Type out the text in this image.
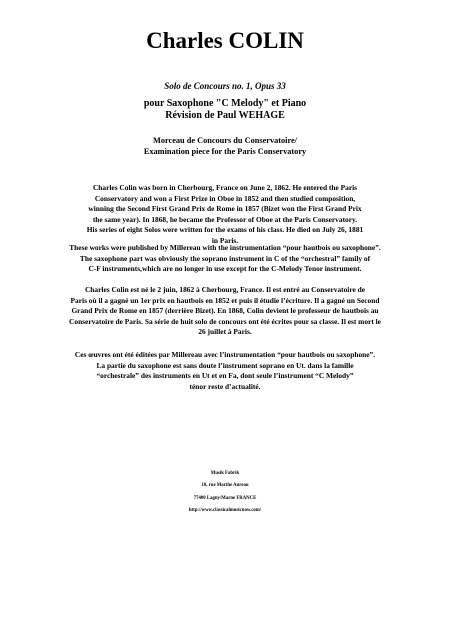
Charles COLIN
Solo de Concours no. 1, Opus 33
pour Saxophone "C Melody" et Piano
Révision de Paul WEHAGE
Morceau de Concours du Conservatoire/
Examination piece for the Paris Conservatory
Charles Colin was born in Cherbourg, France on June 2, 1862. He entered the Paris
Conservatory and won a First Prize in Oboe in 1852 and then studied composition,
winning the Second First Grand Prix de Rome in 1857 (Bizet won the First Grand Prix
the same year). In 1868, he became the Professor of Oboe at the Paris Conservatory.
His series of eight Solos were written for the exams of his class. He died on July 26, 1881
in Paris.
These works were published by Millereau with the instrumentation “pour hautbois ou saxophone”.
The saxophone part was obviously the soprano instrument in C of the “orchestral” family of
C-F instruments,which are no longer in use except for the C-Melody Tenor instrument.
Charles Colin est né le 2 juin, 1862 à Cherbourg, France. Il est entré au Conservatoire de
Paris où il a gagné un 1er prix en hautbois en 1852 et puis il étudie l’écriture. Il a gagné un Second
Grand Prix de Rome en 1857 (derrière Bizet). En 1868, Colin devient le professeur de hautbois au
Conservatoire de Paris. Sa série de huit solo de concours ont été écrites pour sa classe. Il est mort le
26 juillet à Paris.
Ces œuvres ont été éditées par Millereau avec l’instrumentation “pour hautbois ou saxophone”.
La partie du saxophone est sans doute l’instrument soprano en Ut. dans la famille
“orchestrale” des instruments en Ut et en Fa, dont seule l’instrument “C Melody”
ténor reste d’actualité.
Musik Fabrik
18, rue Marthe Aureau
77400 Lagny/Marne FRANCE
http://www.classicalmusicnow.com/
